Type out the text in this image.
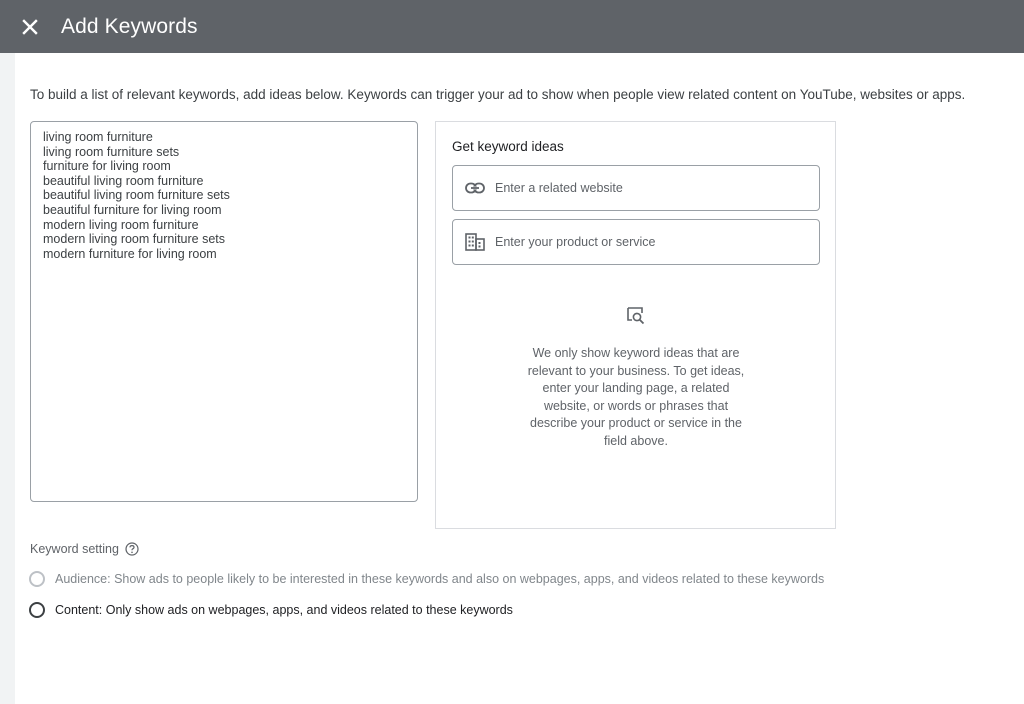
Add Keywords
To build a list of relevant keywords, add ideas below. Keywords can trigger your ad to show when people view related content on YouTube, websites or apps.
living room furniture
living room furniture sets
furniture for living room
beautiful living room furniture
beautiful living room furniture sets
beautiful furniture for living room
modern living room furniture
modern living room furniture sets
modern furniture for living room
Get keyword ideas
Enter a related website
Enter your product or service
We only show keyword ideas that are relevant to your business. To get ideas, enter your landing page, a related website, or words or phrases that describe your product or service in the field above.
Keyword setting
Audience: Show ads to people likely to be interested in these keywords and also on webpages, apps, and videos related to these keywords
Content: Only show ads on webpages, apps, and videos related to these keywords
